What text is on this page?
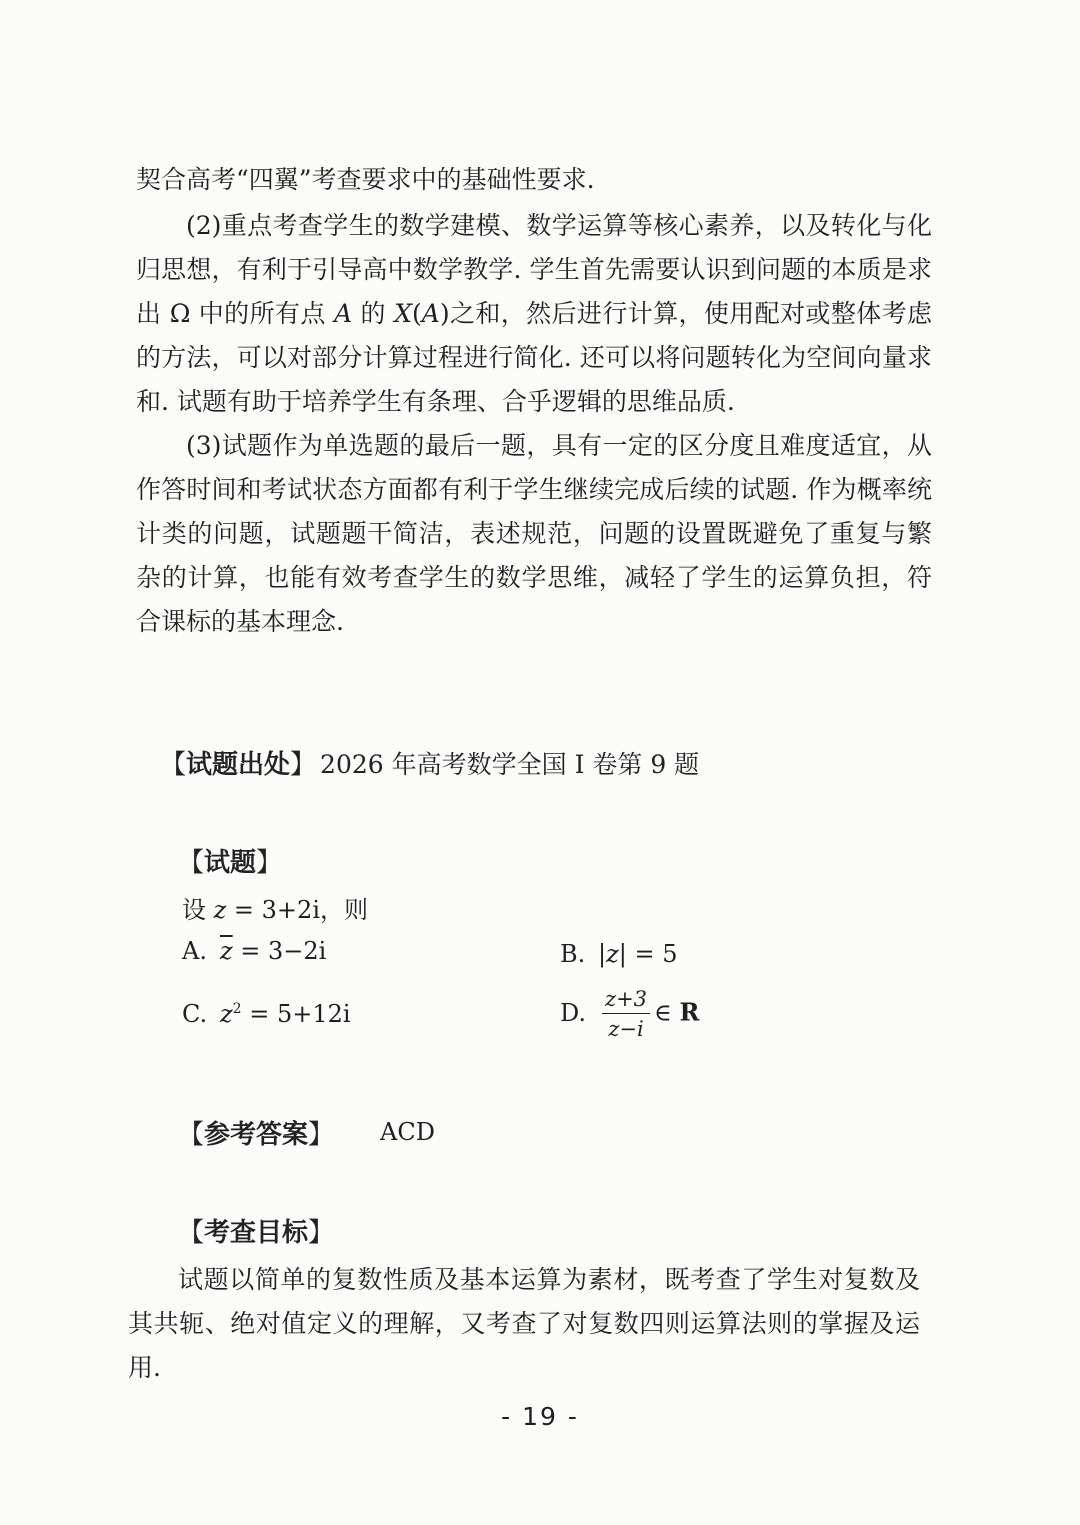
契合高考“四翼”考查要求中的基础性要求.

(2)重点考查学生的数学建模、数学运算等核心素养，以及转化与化归思想，有利于引导高中数学教学. 学生首先需要认识到问题的本质是求出 Ω 中的所有点 A 的 X(A)之和，然后进行计算，使用配对或整体考虑的方法，可以对部分计算过程进行简化. 还可以将问题转化为空间向量求和. 试题有助于培养学生有条理、合乎逻辑的思维品质.

(3)试题作为单选题的最后一题，具有一定的区分度且难度适宜，从作答时间和考试状态方面都有利于学生继续完成后续的试题. 作为概率统计类的问题，试题题干简洁，表述规范，问题的设置既避免了重复与繁杂的计算，也能有效考查学生的数学思维，减轻了学生的运算负担，符合课标的基本理念.

【试题出处】 2026 年高考数学全国 I 卷第 9 题
【试题】
设 z = 3+2i，则
A. $\overline{z} = 3-2i$	B. |z| = 5
C. $z^2 = 5+12i$	D. $\frac{z+3}{z-i}$ ∈ R
【参考答案】 ACD
【考查目标】

试题以简单的复数性质及基本运算为素材，既考查了学生对复数及其共轭、绝对值定义的理解，又考查了对复数四则运算法则的掌握及运用.

- 19 -
